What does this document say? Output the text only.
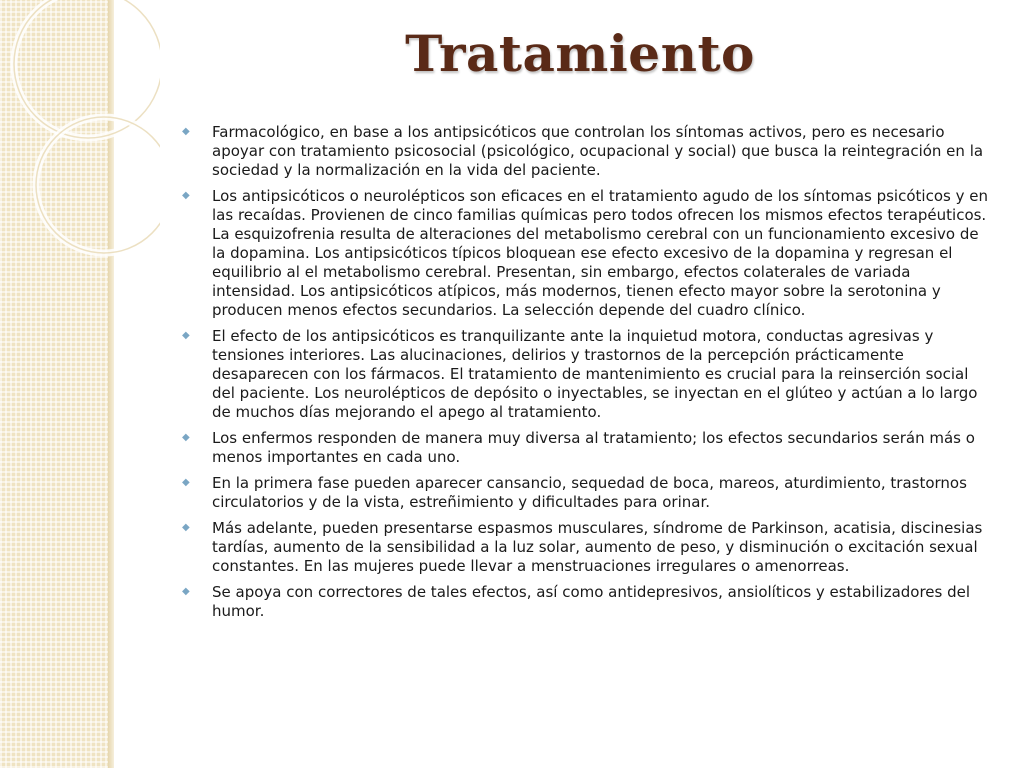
Tratamiento
◆ Farmacológico, en base a los antipsicóticos que controlan los síntomas activos, pero es necesario apoyar con tratamiento psicosocial (psicológico, ocupacional y social) que busca la reintegración en la sociedad y la normalización en la vida del paciente.
◆ Los antipsicóticos o neurolépticos son eficaces en el tratamiento agudo de los síntomas psicóticos y en las recaídas. Provienen de cinco familias químicas pero todos ofrecen los mismos efectos terapéuticos. La esquizofrenia resulta de alteraciones del metabolismo cerebral con un funcionamiento excesivo de la dopamina. Los antipsicóticos típicos bloquean ese efecto excesivo de la dopamina y regresan el equilibrio al el metabolismo cerebral. Presentan, sin embargo, efectos colaterales de variada intensidad. Los antipsicóticos atípicos, más modernos, tienen efecto mayor sobre la serotonina y producen menos efectos secundarios. La selección depende del cuadro clínico.
◆ El efecto de los antipsicóticos es tranquilizante ante la inquietud motora, conductas agresivas y tensiones interiores. Las alucinaciones, delirios y trastornos de la percepción prácticamente desaparecen con los fármacos. El tratamiento de mantenimiento es crucial para la reinserción social del paciente. Los neurolépticos de depósito o inyectables, se inyectan en el glúteo y actúan a lo largo de muchos días mejorando el apego al tratamiento.
◆ Los enfermos responden de manera muy diversa al tratamiento; los efectos secundarios serán más o menos importantes en cada uno.
◆ En la primera fase pueden aparecer cansancio, sequedad de boca, mareos, aturdimiento, trastornos circulatorios y de la vista, estreñimiento y dificultades para orinar.
◆ Más adelante, pueden presentarse espasmos musculares, síndrome de Parkinson, acatisia, discinesias tardías, aumento de la sensibilidad a la luz solar, aumento de peso, y disminución o excitación sexual constantes. En las mujeres puede llevar a menstruaciones irregulares o amenorreas.
◆ Se apoya con correctores de tales efectos, así como antidepresivos, ansiolíticos y estabilizadores del humor.
